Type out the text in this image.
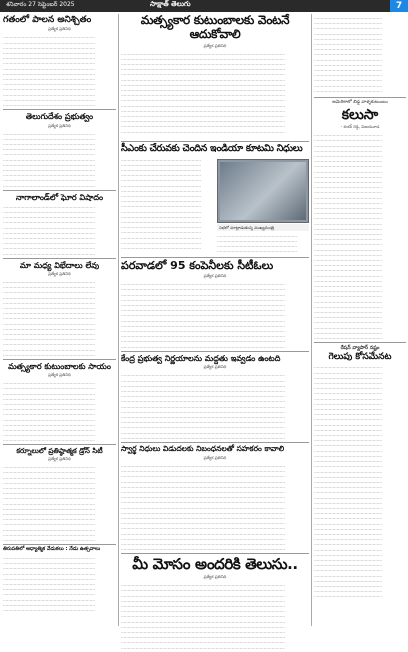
శనివారం 27 సెప్టెంబర్ 2025	సాక్షాత్ తెలుగు	7
గతంలో పాలన అనిశ్చితం
ప్రత్యేక ప్రతినిధి
……………………………………………………………
……………………………………………………………
……………………………………………………………
……………………………………………………………
……………………………………………………………
……………………………………………………………
……………………………………………………………
……………………………………………………………
……………………………………………………………
……………………………………………………………
……………………………………………………………
……………………………………………………………
……………………………………………………………
……………………………………………………………
తెలుగుదేశం ప్రభుత్వం
ప్రత్యేక ప్రతినిధి
……………………………………………………………
……………………………………………………………
……………………………………………………………
……………………………………………………………
……………………………………………………………
……………………………………………………………
……………………………………………………………
……………………………………………………………
……………………………………………………………
……………………………………………………………
……………………………………………………………
నాగాలాండ్‌లో ఘోర విషాదం
……………………………………………………………
……………………………………………………………
……………………………………………………………
……………………………………………………………
……………………………………………………………
……………………………………………………………
……………………………………………………………
……………………………………………………………
……………………………………………………………
……………………………………………………………
మా మధ్య విభేదాలు లేవు
ప్రత్యేక ప్రతినిధి
……………………………………………………………
……………………………………………………………
……………………………………………………………
……………………………………………………………
……………………………………………………………
……………………………………………………………
……………………………………………………………
……………………………………………………………
……………………………………………………………
……………………………………………………………
……………………………………………………………
……………………………………………………………
……………………………………………………………
……………………………………………………………
……………………………………………………………
మత్స్యకార కుటుంబాలకు సాయం
ప్రత్యేక ప్రతినిధి
……………………………………………………………
……………………………………………………………
……………………………………………………………
……………………………………………………………
……………………………………………………………
……………………………………………………………
……………………………………………………………
……………………………………………………………
……………………………………………………………
……………………………………………………………
……………………………………………………………
……………………………………………………………
కర్నూలులో ప్రతిష్ఠాత్మక డ్రోన్ సిటీ
ప్రత్యేక ప్రతినిధి
……………………………………………………………
……………………………………………………………
……………………………………………………………
……………………………………………………………
……………………………………………………………
……………………………………………………………
……………………………………………………………
……………………………………………………………
……………………………………………………………
……………………………………………………………
……………………………………………………………
……………………………………………………………
……………………………………………………………
……………………………………………………………
……………………………………………………………
తిరుపతిలో ఆధ్యాత్మిక వేడుకలు : నేడు ఉత్సవాలు
……………………………………………………………
……………………………………………………………
……………………………………………………………
……………………………………………………………
……………………………………………………………
……………………………………………………………
……………………………………………………………
……………………………………………………………
……………………………………………………………
……………………………………………………………
……………………………………………………………
మత్స్యకార కుటుంబాలకు వెంటనే ఆదుకోవాలి
ప్రత్యేక ప్రతినిధి
……………………………………………………………………………………………………………
……………………………………………………………………………………………………………
……………………………………………………………………………………………………………
……………………………………………………………………………………………………………
……………………………………………………………………………………………………………
……………………………………………………………………………………………………………
……………………………………………………………………………………………………………
……………………………………………………………………………………………………………
……………………………………………………………………………………………………………
……………………………………………………………………………………………………………
……………………………………………………………………………………………………………
……………………………………………………………………………………………………………
……………………………………………………………………………………………………………
……………………………………………………………………………………………………………
……………………………………………………………………………………………………………
……………………………………………………………………………………………………………
సీఎంకు చేరువకు చెందిన ఇండియా కూటమి నిధులు
……………………………………………………
……………………………………………………
……………………………………………………
……………………………………………………
……………………………………………………
……………………………………………………
……………………………………………………
……………………………………………………
……………………………………………………
……………………………………………………
……………………………………………………
……………………………………………………
……………………………………………………
……………………………………………………
……………………………………………………
……………………………………………………
……………………………………………………
……………………………………………………
సభలో మాట్లాడుతున్న ముఖ్యమంత్రి
……………………………………………………
……………………………………………………
……………………………………………………
……………………………………………………
పరవాడలో 95 కంపెనీలకు సీటీఓలు
ప్రత్యేక ప్రతినిధి
……………………………………………………………………………………………………………
……………………………………………………………………………………………………………
……………………………………………………………………………………………………………
……………………………………………………………………………………………………………
……………………………………………………………………………………………………………
……………………………………………………………………………………………………………
……………………………………………………………………………………………………………
……………………………………………………………………………………………………………
……………………………………………………………………………………………………………
……………………………………………………………………………………………………………
……………………………………………………………………………………………………………
……………………………………………………………………………………………………………
……………………………………………………………………………………………………………
కేంద్ర ప్రభుత్వ నిర్ణయాలను మద్దతు ఇవ్వడం ఉంటది
ప్రత్యేక ప్రతినిధి
……………………………………………………………………………………………………………
……………………………………………………………………………………………………………
……………………………………………………………………………………………………………
……………………………………………………………………………………………………………
……………………………………………………………………………………………………………
……………………………………………………………………………………………………………
……………………………………………………………………………………………………………
……………………………………………………………………………………………………………
……………………………………………………………………………………………………………
……………………………………………………………………………………………………………
……………………………………………………………………………………………………………
……………………………………………………………………………………………………………
……………………………………………………………………………………………………………
స్వార్థ నిధులు విడుదలకు నిబంధనలతో సహకరం కావాలి
ప్రత్యేక ప్రతినిధి
……………………………………………………………………………………………………………
……………………………………………………………………………………………………………
……………………………………………………………………………………………………………
……………………………………………………………………………………………………………
……………………………………………………………………………………………………………
……………………………………………………………………………………………………………
……………………………………………………………………………………………………………
……………………………………………………………………………………………………………
……………………………………………………………………………………………………………
……………………………………………………………………………………………………………
……………………………………………………………………………………………………………
……………………………………………………………………………………………………………
……………………………………………………………………………………………………………
……………………………………………………………………………………………………………
……………………………………………………………………………………………………………
……………………………………………………………………………………………………………
……………………………………………………………………………………………………………
మీ మోసం అందరికి తెలుసు..
ప్రత్యేక ప్రతినిధి
……………………………………………………………………………………………………………
……………………………………………………………………………………………………………
……………………………………………………………………………………………………………
……………………………………………………………………………………………………………
……………………………………………………………………………………………………………
……………………………………………………………………………………………………………
……………………………………………………………………………………………………………
……………………………………………………………………………………………………………
……………………………………………………………………………………………………………
……………………………………………………………………………………………………………
……………………………………………………………………………………………………………
……………………………………………………………………………………………………………
……………………………………………………………………………………………………………
……………………………………………
……………………………………………
……………………………………………
……………………………………………
……………………………………………
……………………………………………
……………………………………………
……………………………………………
……………………………………………
……………………………………………
……………………………………………
……………………………………………
……………………………………………
……………………………………………
……………………………………………
అమెరికాలో బిడ్డ వాళ్ళకుటుంబం
కలుసా
- శంకర్ రెడ్డి, విజయవాడ
……………………………………………
……………………………………………
……………………………………………
……………………………………………
……………………………………………
……………………………………………
……………………………………………
……………………………………………
……………………………………………
……………………………………………
……………………………………………
……………………………………………
……………………………………………
……………………………………………
……………………………………………
……………………………………………
……………………………………………
……………………………………………
……………………………………………
……………………………………………
……………………………………………
……………………………………………
……………………………………………
……………………………………………
……………………………………………
……………………………………………
……………………………………………
……………………………………………
……………………………………………
……………………………………………
……………………………………………
……………………………………………
……………………………………………
……………………………………………
……………………………………………
……………………………………………
……………………………………………
……………………………………………
……………………………………………
……………………………………………
రేషన్ వ్యాపార్ నష్టం
గెలుపు కోసమేనట
……………………………………………
……………………………………………
……………………………………………
……………………………………………
……………………………………………
……………………………………………
……………………………………………
……………………………………………
……………………………………………
……………………………………………
……………………………………………
……………………………………………
……………………………………………
……………………………………………
……………………………………………
……………………………………………
……………………………………………
……………………………………………
……………………………………………
……………………………………………
……………………………………………
……………………………………………
……………………………………………
……………………………………………
……………………………………………
……………………………………………
……………………………………………
……………………………………………
……………………………………………
……………………………………………
……………………………………………
……………………………………………
……………………………………………
……………………………………………
……………………………………………
……………………………………………
……………………………………………
……………………………………………
……………………………………………
……………………………………………
……………………………………………
……………………………………………
……………………………………………
……………………………………………
……………………………………………
